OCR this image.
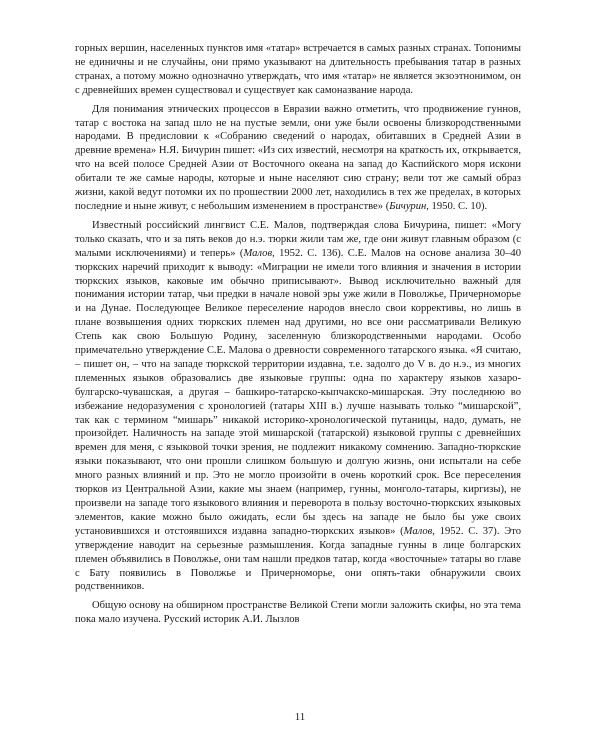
горных вершин, населенных пунктов имя «татар» встречается в самых разных странах. Топонимы не единичны и не случайны, они прямо указывают на длительность пребывания татар в разных странах, а потому можно однозначно утверждать, что имя «татар» не является экзоэтнонимом, он с древнейших времен существовал и существует как самоназвание народа.

Для понимания этнических процессов в Евразии важно отметить, что продвижение гуннов, татар с востока на запад шло не на пустые земли, они уже были освоены близкородственными народами. В предисловии к «Собранию сведений о народах, обитавших в Средней Азии в древние времена» Н.Я. Бичурин пишет: «Из сих известий, несмотря на краткость их, открывается, что на всей полосе Средней Азии от Восточного океана на запад до Каспийского моря искони обитали те же самые народы, которые и ныне населяют сию страну; вели тот же самый образ жизни, какой ведут потомки их по прошествии 2000 лет, находились в тех же пределах, в которых последние и ныне живут, с небольшим изменением в пространстве» (Бичурин, 1950. С. 10).

Известный российский лингвист С.Е. Малов, подтверждая слова Бичурина, пишет: «Могу только сказать, что и за пять веков до н.э. тюрки жили там же, где они живут главным образом (с малыми исключениями) и теперь» (Малов, 1952. С. 136). С.Е. Малов на основе анализа 30–40 тюркских наречий приходит к выводу: «Миграции не имели того влияния и значения в истории тюркских языков, каковые им обычно приписывают». Вывод исключительно важный для понимания истории татар, чьи предки в начале новой эры уже жили в Поволжье, Причерноморье и на Дунае. Последующее Великое переселение народов внесло свои коррективы, но лишь в плане возвышения одних тюркских племен над другими, но все они рассматривали Великую Степь как свою Большую Родину, заселенную близкородственными народами. Особо примечательно утверждение С.Е. Малова о древности современного татарского языка. «Я считаю, – пишет он, – что на западе тюркской территории издавна, т.е. задолго до V в. до н.э., из многих племенных языков образовались две языковые группы: одна по характеру языков хазаро-булгарско-чувашская, а другая – башкиро-татарско-кыпчакско-мишарская. Эту последнюю во избежание недоразумения с хронологией (татары XIII в.) лучше называть только “мишарской”, так как с термином “мишарь” никакой историко-хронологической путаницы, надо, думать, не произойдет. Наличность на западе этой мишарской (татарской) языковой группы с древнейших времен для меня, с языковой точки зрения, не подлежит никакому сомнению. Западно-тюркские языки показывают, что они прошли слишком большую и долгую жизнь, они испытали на себе много разных влияний и пр. Это не могло произойти в очень короткий срок. Все переселения тюрков из Центральной Азии, какие мы знаем (например, гунны, монголо-татары, киргизы), не произвели на западе того языкового влияния и переворота в пользу восточно-тюркских языковых элементов, какие можно было ожидать, если бы здесь на западе не было бы уже своих установившихся и отстоявшихся издавна западно-тюркских языков» (Малов, 1952. С. 37). Это утверждение наводит на серьезные размышления. Когда западные гунны в лице болгарских племен объявились в Поволжье, они там нашли предков татар, когда «восточные» татары во главе с Бату появились в Поволжье и Причерноморье, они опять-таки обнаружили своих родственников.

Общую основу на обширном пространстве Великой Степи могли заложить скифы, но эта тема пока мало изучена. Русский историк А.И. Лызлов

11
